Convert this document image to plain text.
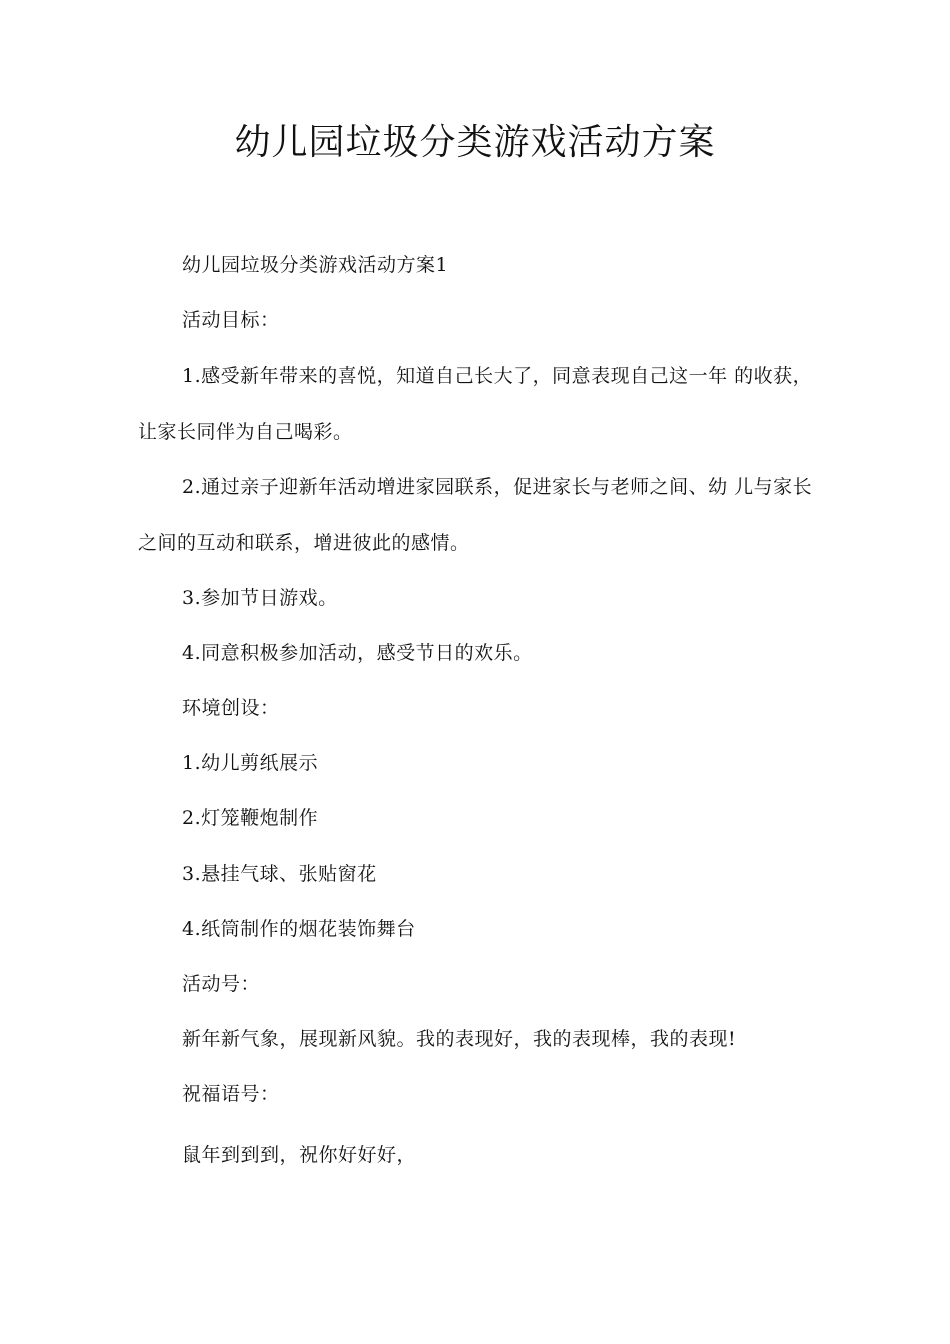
幼儿园垃圾分类游戏活动方案
幼儿园垃圾分类游戏活动方案1
活动目标：
1.感受新年带来的喜悦，知道自己长大了，同意表现自己这一年 的收获，让家长同伴为自己喝彩。
2.通过亲子迎新年活动增进家园联系，促进家长与老师之间、幼 儿与家长之间的互动和联系，增进彼此的感情。
3.参加节日游戏。
4.同意积极参加活动，感受节日的欢乐。
环境创设：
1.幼儿剪纸展示
2.灯笼鞭炮制作
3.悬挂气球、张贴窗花
4.纸筒制作的烟花装饰舞台
活动号：
新年新气象，展现新风貌。我的表现好，我的表现棒，我的表现!
祝福语号：
鼠年到到到，祝你好好好，
